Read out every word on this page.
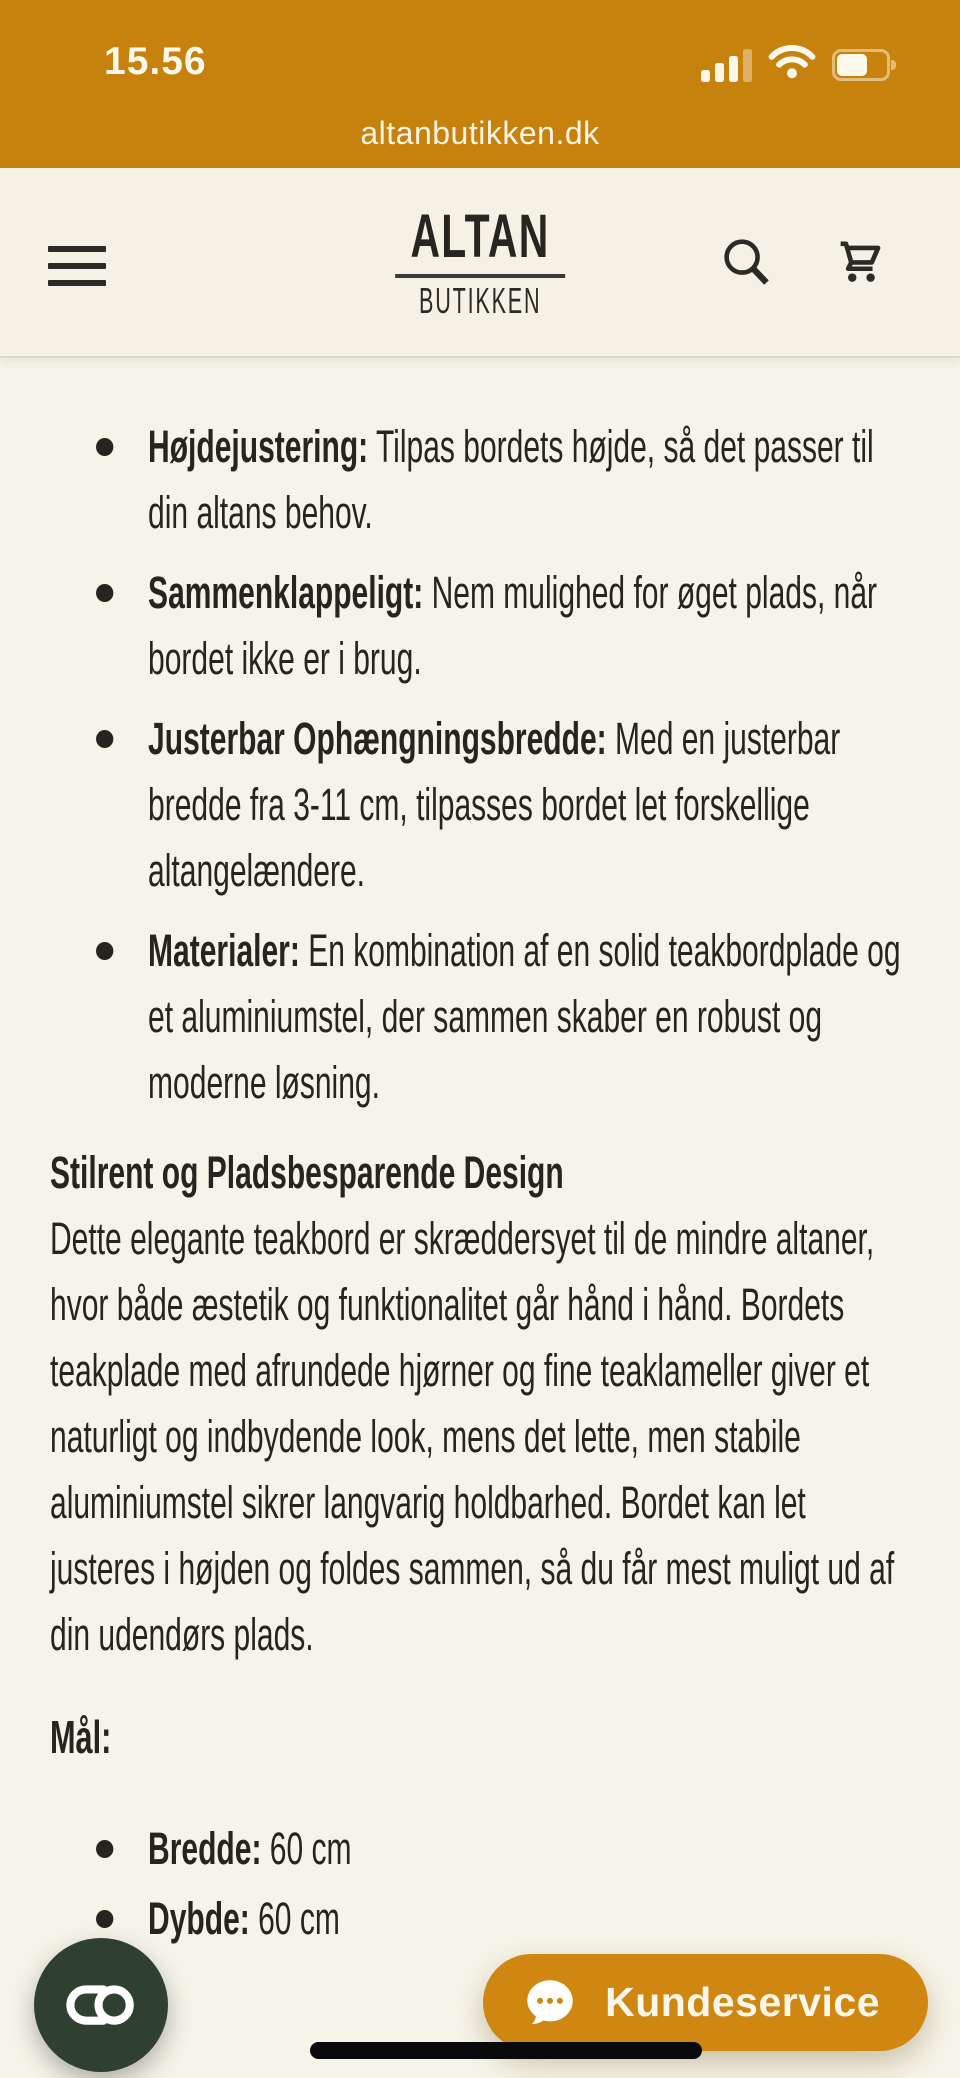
15.56
altanbutikken.dk
ALTAN
BUTIKKEN
Højdejustering: Tilpas bordets højde, så det passer til din altans behov.
Sammenklappeligt: Nem mulighed for øget plads, når bordet ikke er i brug.
Justerbar Ophængningsbredde: Med en justerbar bredde fra 3-11 cm, tilpasses bordet let forskellige altangelændere.
Materialer: En kombination af en solid teakbordplade og et aluminiumstel, der sammen skaber en robust og moderne løsning.
Stilrent og Pladsbesparende Design

Dette elegante teakbord er skræddersyet til de mindre altaner, hvor både æstetik og funktionalitet går hånd i hånd. Bordets teakplade med afrundede hjørner og fine teaklameller giver et naturligt og indbydende look, mens det lette, men stabile aluminiumstel sikrer langvarig holdbarhed. Bordet kan let justeres i højden og foldes sammen, så du får mest muligt ud af din udendørs plads.

Mål:
Bredde: 60 cm
Dybde: 60 cm
Kundeservice
